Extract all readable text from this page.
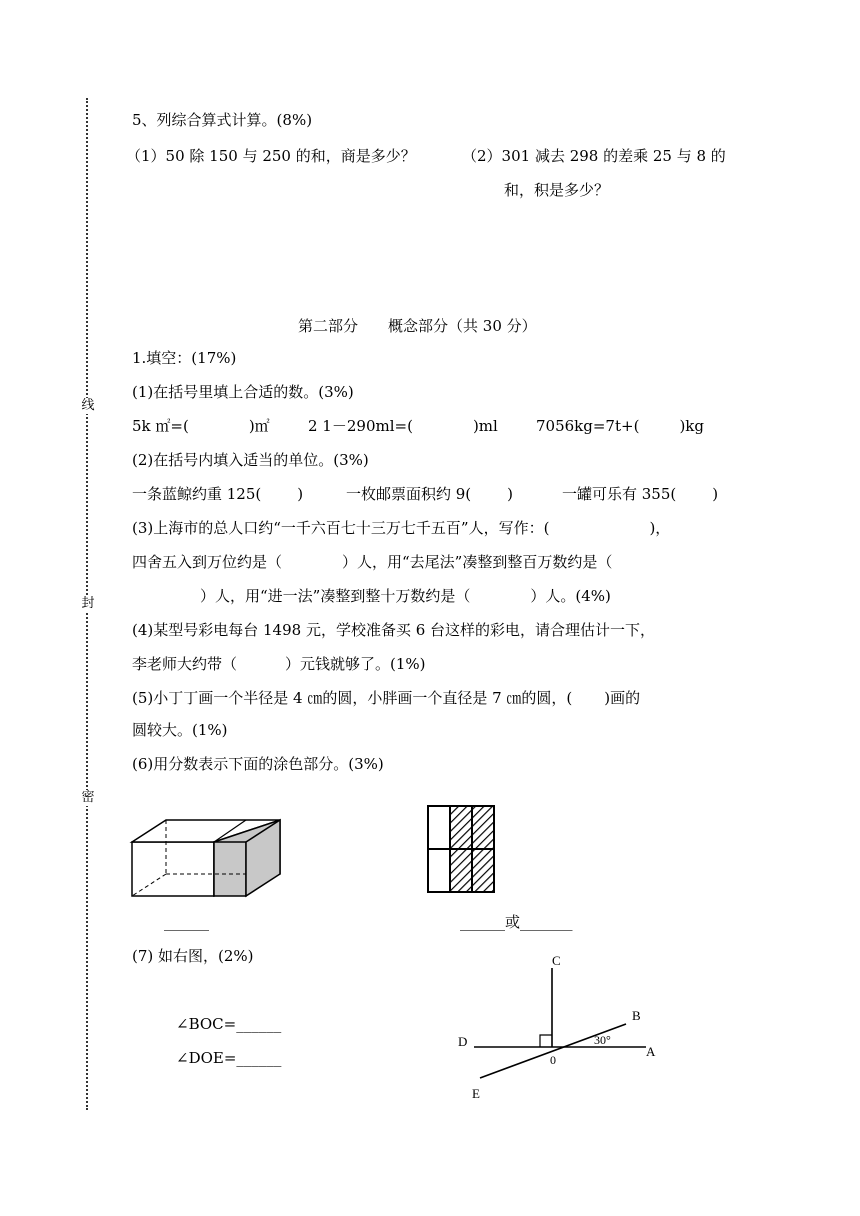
线
封
密
5、列综合算式计算。(8%)
（1）50 除 150 与 250 的和，商是多少？	（2）301 减去 298 的差乘 25 与 8 的
和，积是多少？
第二部分　　概念部分（共 30 分）
1.填空：(17%)
(1)在括号里填上合适的数。(3%)
5k ㎡=(	)㎡	2 1－290ml=(	)ml	7056kg=7t+(	)kg
(2)在括号内填入适当的单位。(3%)
一条蓝鲸约重 125( )	一枚邮票面积约 9( )	一罐可乐有 355( )
(3)上海市的总人口约“一千六百七十三万七千五百”人，写作：(	)，
四舍五入到万位约是（	）人，用“去尾法”凑整到整百万数约是（
）人，用“进一法”凑整到整十万数约是（	）人。(4%)
(4)某型号彩电每台 1498 元，学校准备买 6 台这样的彩电，请合理估计一下，
李老师大约带（	）元钱就够了。(1%)
(5)小丁丁画一个半径是 4 ㎝的圆，小胖画一个直径是 7 ㎝的圆，( )画的
圆较大。(1%)
(6)用分数表示下面的涂色部分。(3%)
______	______或_______
(7) 如右图，(2%)
∠BOC=______
∠DOE=______
C
B
D
A
E
0
30°
